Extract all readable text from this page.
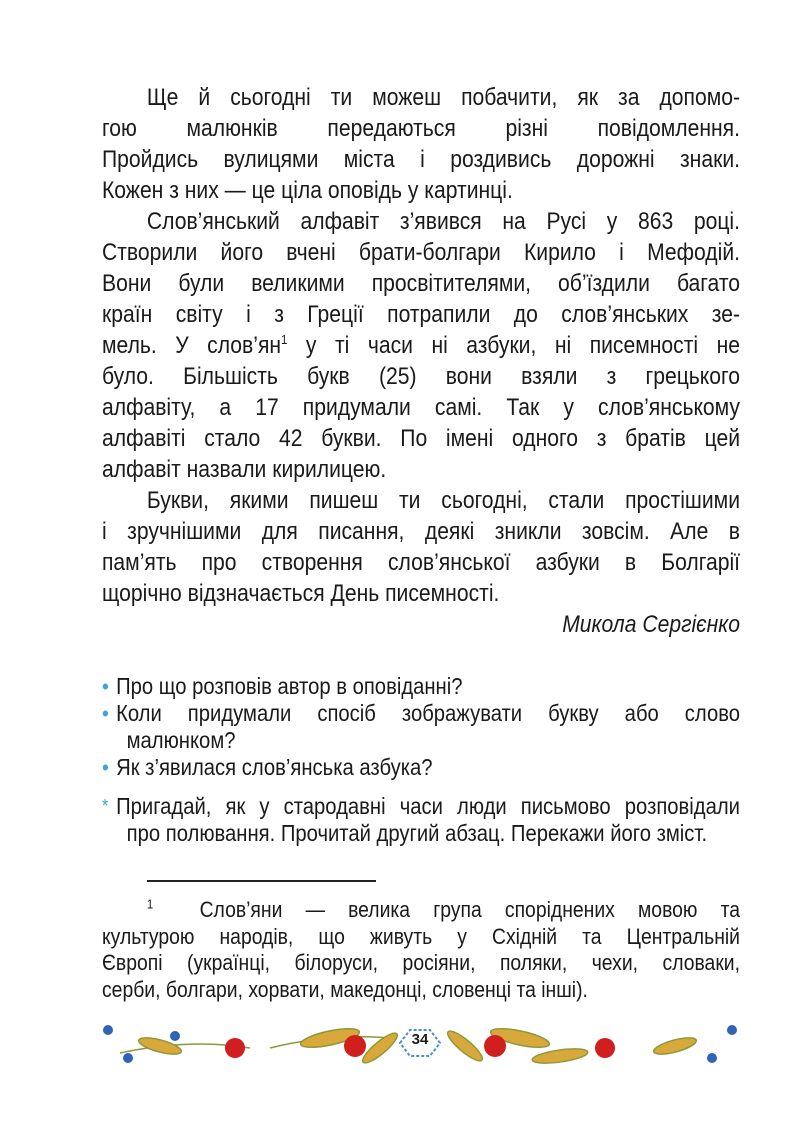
Ще й сьогодні ти можеш побачити, як за допомо-
гою малюнків передаються різні повідомлення.
Пройдись вулицями міста і роздивись дорожні знаки.
Кожен з них — це ціла оповідь у картинці.
Слов’янський алфавіт з’явився на Русі у 863 році.
Створили його вчені брати-болгари Кирило і Мефодій.
Вони були великими просвітителями, об’їздили багато
країн світу і з Греції потрапили до слов’янських зе-
мель. У $слов’ян^1$ у ті часи ні азбуки, ні писемності не
було. Більшість букв (25) вони взяли з грецького
алфавіту, а 17 придумали самі. Так у слов’янському
алфавіті стало 42 букви. По імені одного з братів цей
алфавіт назвали кирилицею.
Букви, якими пишеш ти сьогодні, стали простішими
і зручнішими для писання, деякі зникли зовсім. Але в
пам’ять про створення слов’янської азбуки в Болгарії
щорічно відзначається День писемності.
Микола Сергієнко
• Про що розповів автор в оповіданні?
• Коли придумали спосіб зображувати букву або слово
малюнком?
• Як з’явилася слов’янська азбука?
* Пригадай, як у стародавні часи люди письмово розповідали
про полювання. Прочитай другий абзац. Перекажи його зміст.
$^1$ Слов’яни — велика група споріднених мовою та
культурою народів, що живуть у Східній та Центральній
Європі (українці, білоруси, росіяни, поляки, чехи, словаки,
серби, болгари, хорвати, македонці, словенці та інші).
34
